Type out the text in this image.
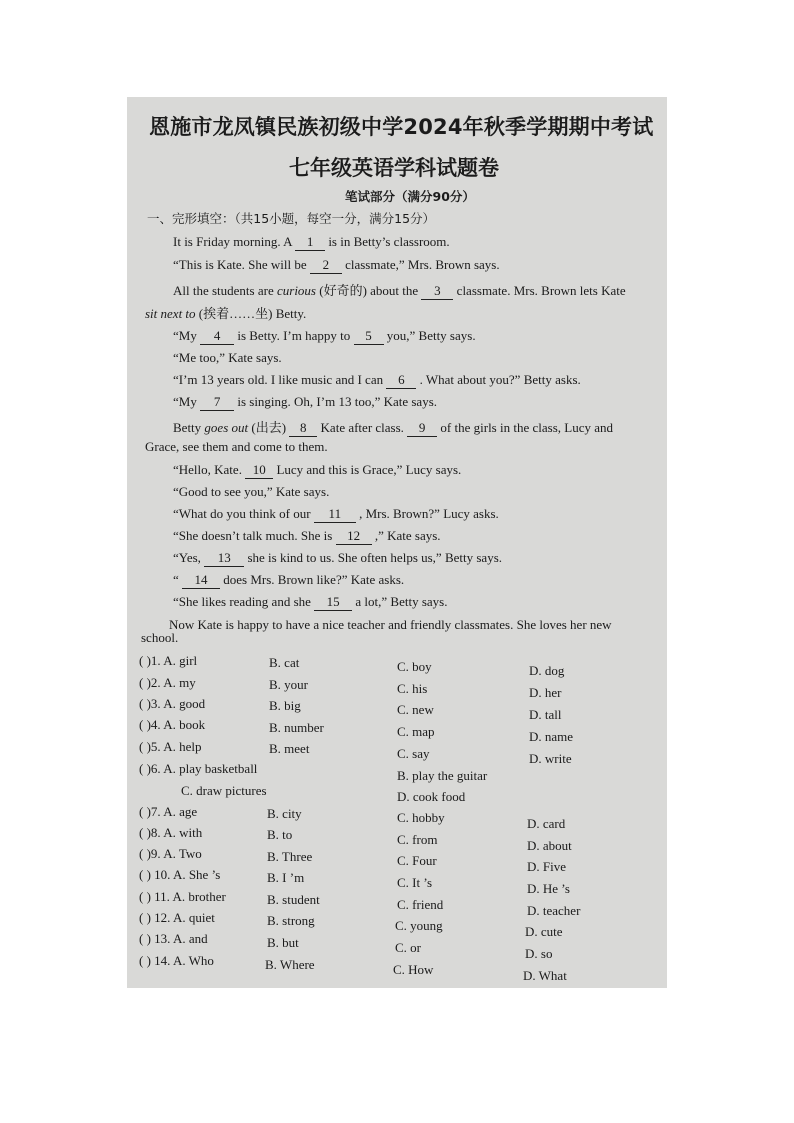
恩施市龙凤镇民族初级中学2024年秋季学期期中考试
七年级英语学科试题卷
笔试部分（满分90分）
一、完形填空：（共15小题，每空一分，满分15分）
It is Friday morning. A 1 is in Betty’s classroom.
“This is Kate. She will be 2 classmate,” Mrs. Brown says.
All the students are curious (好奇的) about the 3 classmate. Mrs. Brown lets Kate
sit next to (挨着……坐) Betty.
“My 4 is Betty. I’m happy to 5 you,” Betty says.
“Me too,” Kate says.
“I’m 13 years old. I like music and I can 6 . What about you?” Betty asks.
“My 7 is singing. Oh, I’m 13 too,” Kate says.
Betty goes out (出去) 8 Kate after class. 9 of the girls in the class, Lucy and
Grace, see them and come to them.
“Hello, Kate. 10 Lucy and this is Grace,” Lucy says.
“Good to see you,” Kate says.
“What do you think of our 11 , Mrs. Brown?” Lucy asks.
“She doesn’t talk much. She is 12 ,” Kate says.
“Yes, 13 she is kind to us. She often helps us,” Betty says.
“ 14 does Mrs. Brown like?” Kate asks.
“She likes reading and she 15 a lot,” Betty says.
Now Kate is happy to have a nice teacher and friendly classmates. She loves her new
school.
( )1. A. girl	B. cat	C. boy	D. dog
( )2. A. my	B. your	C. his	D. her
( )3. A. good	B. big	C. new	D. tall
( )4. A. book	B. number	C. map	D. name
( )5. A. help	B. meet	C. say	D. write
( )6. A. play basketball	B. play the guitar
C. draw pictures	D. cook food
( )7. A. age	B. city	C. hobby	D. card
( )8. A. with	B. to	C. from	D. about
( )9. A. Two	B. Three	C. Four	D. Five
( ) 10. A. She ’s	B. I ’m	C. It ’s	D. He ’s
( ) 11. A. brother	B. student	C. friend	D. teacher
( ) 12. A. quiet	B. strong	C. young	D. cute
( ) 13. A. and	B. but	C. or	D. so
( ) 14. A. Who	B. Where	C. How	D. What
